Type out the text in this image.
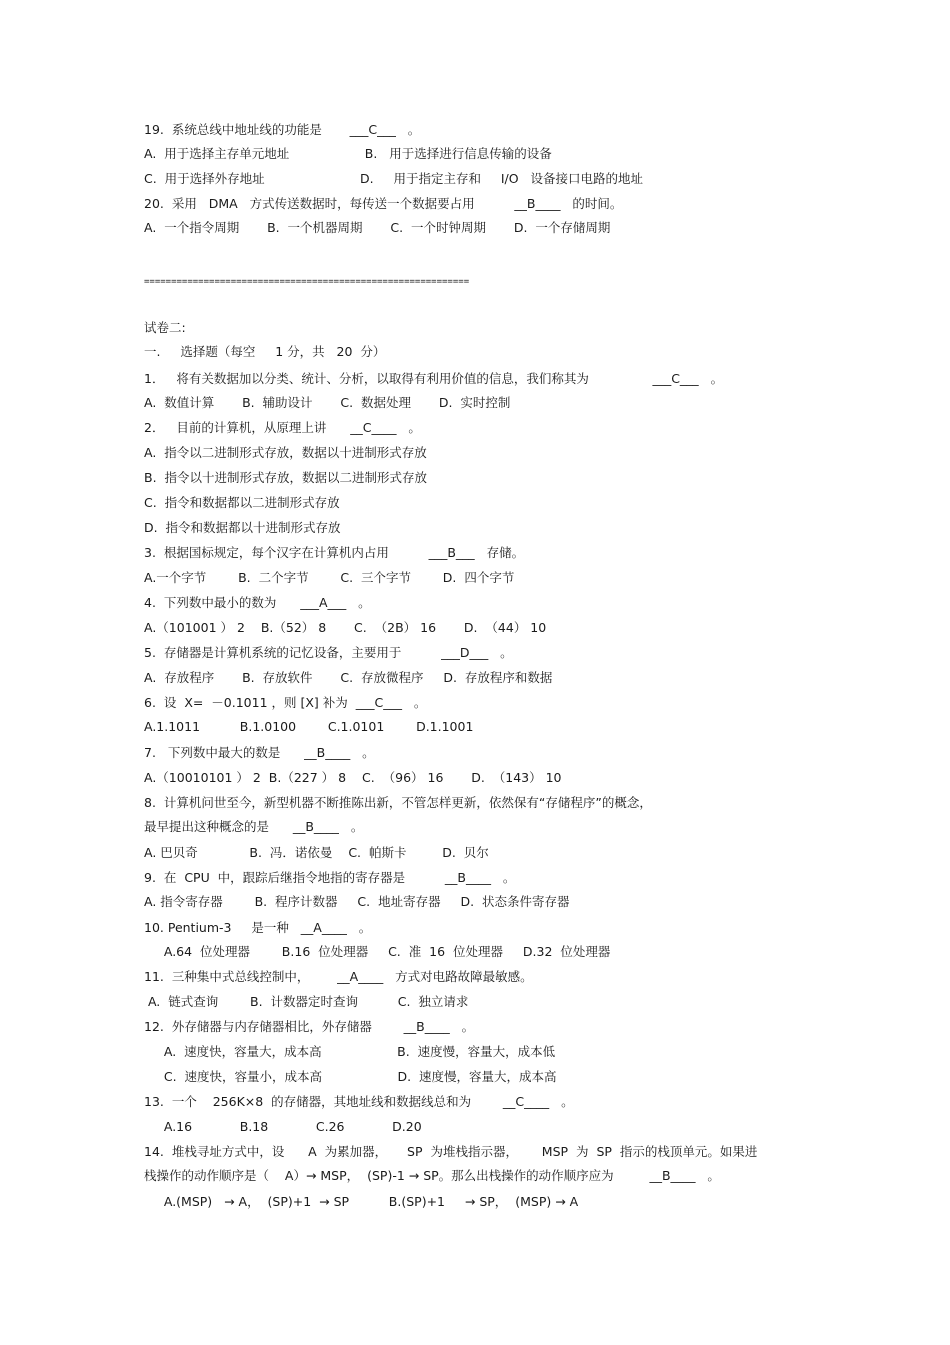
19.  系统总线中地址线的功能是       ___C___   。
A.  用于选择主存单元地址                   B.   用于选择进行信息传输的设备
C.  用于选择外存地址                        D.     用于指定主存和     I/O   设备接口电路的地址
20.  采用   DMA   方式传送数据时，每传送一个数据要占用          __B____   的时间。
A.  一个指令周期       B.  一个机器周期       C.  一个时钟周期       D.  一个存储周期
============================================================
试卷二:
一.     选择题（每空     1 分，共   20  分）
1．   将有关数据加以分类、统计、分析，以取得有利用价值的信息，我们称其为                ___C___   。
A.  数值计算       B.  辅助设计       C.  数据处理       D.  实时控制
2．   目前的计算机，从原理上讲      __C____   。
A.  指令以二进制形式存放，数据以十进制形式存放
B.  指令以十进制形式存放，数据以二进制形式存放
C.  指令和数据都以二进制形式存放
D.  指令和数据都以十进制形式存放
3.  根据国标规定，每个汉字在计算机内占用          ___B___   存储。
A.一个字节        B.  二个字节        C.  三个字节        D.  四个字节
4.  下列数中最小的数为      ___A___   。
A.（101001 ） 2    B.（52） 8       C.  （2B） 16       D.  （44） 10
5.  存储器是计算机系统的记忆设备，主要用于          ___D___   。
A.  存放程序       B.  存放软件       C.  存放微程序     D.  存放程序和数据
6.  设  X=  －0.1011 ，则 [X] 补为  ___C___   。
A.1.1011          B.1.0100        C.1.0101        D.1.1001
7.   下列数中最大的数是      __B____   。
A.（10010101 ） 2  B.（227 ） 8    C.  （96） 16       D.  （143） 10
8.  计算机问世至今，新型机器不断推陈出新，不管怎样更新，依然保有“存储程序”的概念，
最早提出这种概念的是      __B____   。
A. 巴贝奇             B.  冯．诺依曼    C.  帕斯卡         D.  贝尔
9.  在  CPU  中，跟踪后继指令地指的寄存器是          __B____   。
A. 指令寄存器        B.  程序计数器     C.  地址寄存器     D.  状态条件寄存器
10. Pentium-3     是一种   __A____   。
A.64  位处理器        B.16  位处理器     C.  准  16  位处理器     D.32  位处理器
11.  三种集中式总线控制中，       __A____   方式对电路故障最敏感。
A.  链式查询        B.  计数器定时查询          C.  独立请求
12.  外存储器与内存储器相比，外存储器        __B____   。
A.  速度快，容量大，成本高                   B.  速度慢，容量大，成本低
C.  速度快，容量小，成本高                   D.  速度慢，容量大，成本高
13.  一个    256K×8  的存储器，其地址线和数据线总和为        __C____   。
A.16            B.18            C.26            D.20
14.  堆栈寻址方式中，设      A  为累加器，     SP  为堆栈指示器，      MSP  为  SP  指示的栈顶单元。如果进
栈操作的动作顺序是（    A）→ MSP，  (SP)-1 → SP。那么出栈操作的动作顺序应为         __B____   。
A.(MSP)   → A，  (SP)+1  → SP          B.(SP)+1     → SP，  (MSP) → A
